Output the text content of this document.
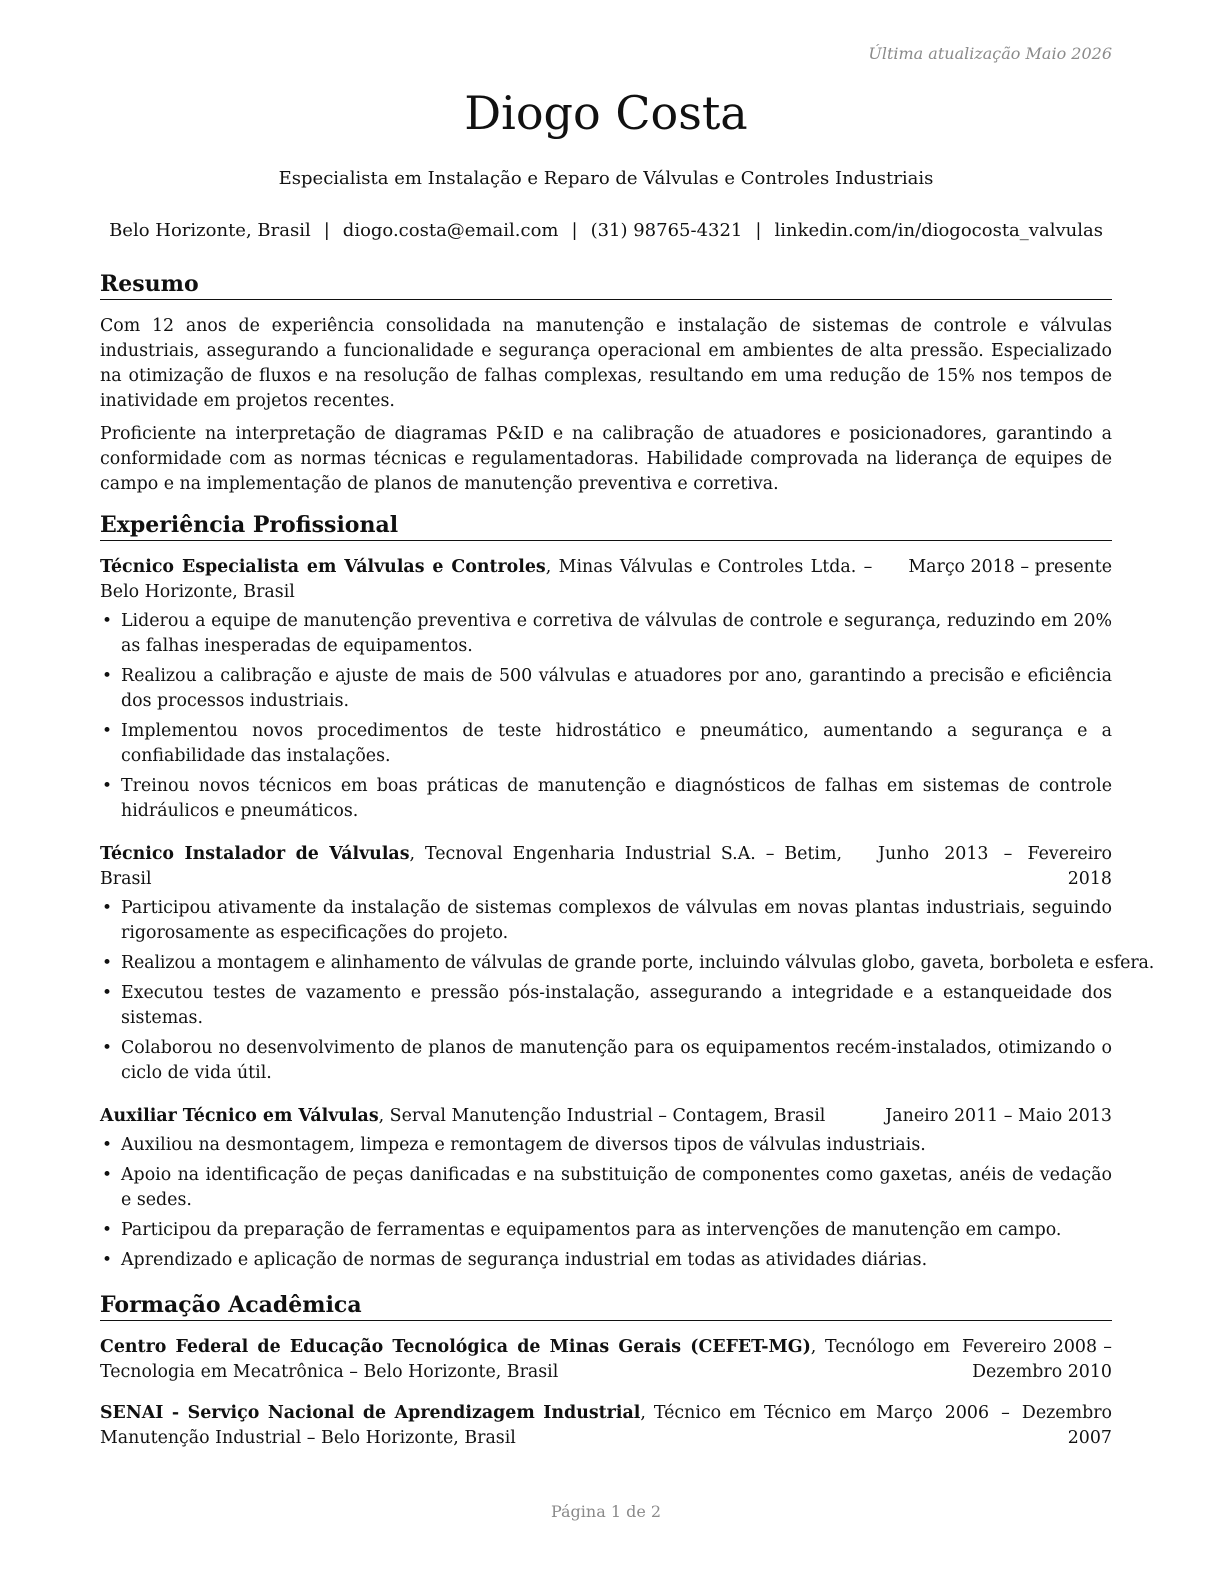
Última atualização Maio 2026
Diogo Costa
Especialista em Instalação e Reparo de Válvulas e Controles Industriais
Belo Horizonte, Brasil | diogo.costa@email.com | (31) 98765-4321 | linkedin.com/in/diogocosta_valvulas
Resumo

Com 12 anos de experiência consolidada na manutenção e instalação de sistemas de controle e válvulas industriais, assegurando a funcionalidade e segurança operacional em ambientes de alta pressão. Especializado na otimização de fluxos e na resolução de falhas complexas, resultando em uma redução de 15% nos tempos de inatividade em projetos recentes.

Proficiente na interpretação de diagramas P&ID e na calibração de atuadores e posicionadores, garantindo a conformidade com as normas técnicas e regulamentadoras. Habilidade comprovada na liderança de equipes de campo e na implementação de planos de manutenção preventiva e corretiva.

Experiência Profissional
Técnico Especialista em Válvulas e Controles, Minas Válvulas e Controles Ltda. – Belo Horizonte, Brasil
Março 2018 – presente
• Liderou a equipe de manutenção preventiva e corretiva de válvulas de controle e segurança, reduzindo em 20% as falhas inesperadas de equipamentos.
• Realizou a calibração e ajuste de mais de 500 válvulas e atuadores por ano, garantindo a precisão e eficiência dos processos industriais.
• Implementou novos procedimentos de teste hidrostático e pneumático, aumentando a segurança e a confiabilidade das instalações.
• Treinou novos técnicos em boas práticas de manutenção e diagnósticos de falhas em sistemas de controle hidráulicos e pneumáticos.
Técnico Instalador de Válvulas, Tecnoval Engenharia Industrial S.A. – Betim, Brasil
Junho 2013 – Fevereiro 2018
• Participou ativamente da instalação de sistemas complexos de válvulas em novas plantas industriais, seguindo rigorosamente as especificações do projeto.
• Realizou a montagem e alinhamento de válvulas de grande porte, incluindo válvulas globo, gaveta, borboleta e esfera.
• Executou testes de vazamento e pressão pós-instalação, assegurando a integridade e a estanqueidade dos sistemas.
• Colaborou no desenvolvimento de planos de manutenção para os equipamentos recém-instalados, otimizando o ciclo de vida útil.
Auxiliar Técnico em Válvulas, Serval Manutenção Industrial – Contagem, Brasil	Janeiro 2011 – Maio 2013
• Auxiliou na desmontagem, limpeza e remontagem de diversos tipos de válvulas industriais.
• Apoio na identificação de peças danificadas e na substituição de componentes como gaxetas, anéis de vedação e sedes.
• Participou da preparação de ferramentas e equipamentos para as intervenções de manutenção em campo.
• Aprendizado e aplicação de normas de segurança industrial em todas as atividades diárias.
Formação Acadêmica
Centro Federal de Educação Tecnológica de Minas Gerais (CEFET-MG), Tecnólogo em Tecnologia em Mecatrônica – Belo Horizonte, Brasil
Fevereiro 2008 – Dezembro 2010
SENAI - Serviço Nacional de Aprendizagem Industrial, Técnico em Técnico em Manutenção Industrial – Belo Horizonte, Brasil
Março 2006 – Dezembro 2007
Página 1 de 2
